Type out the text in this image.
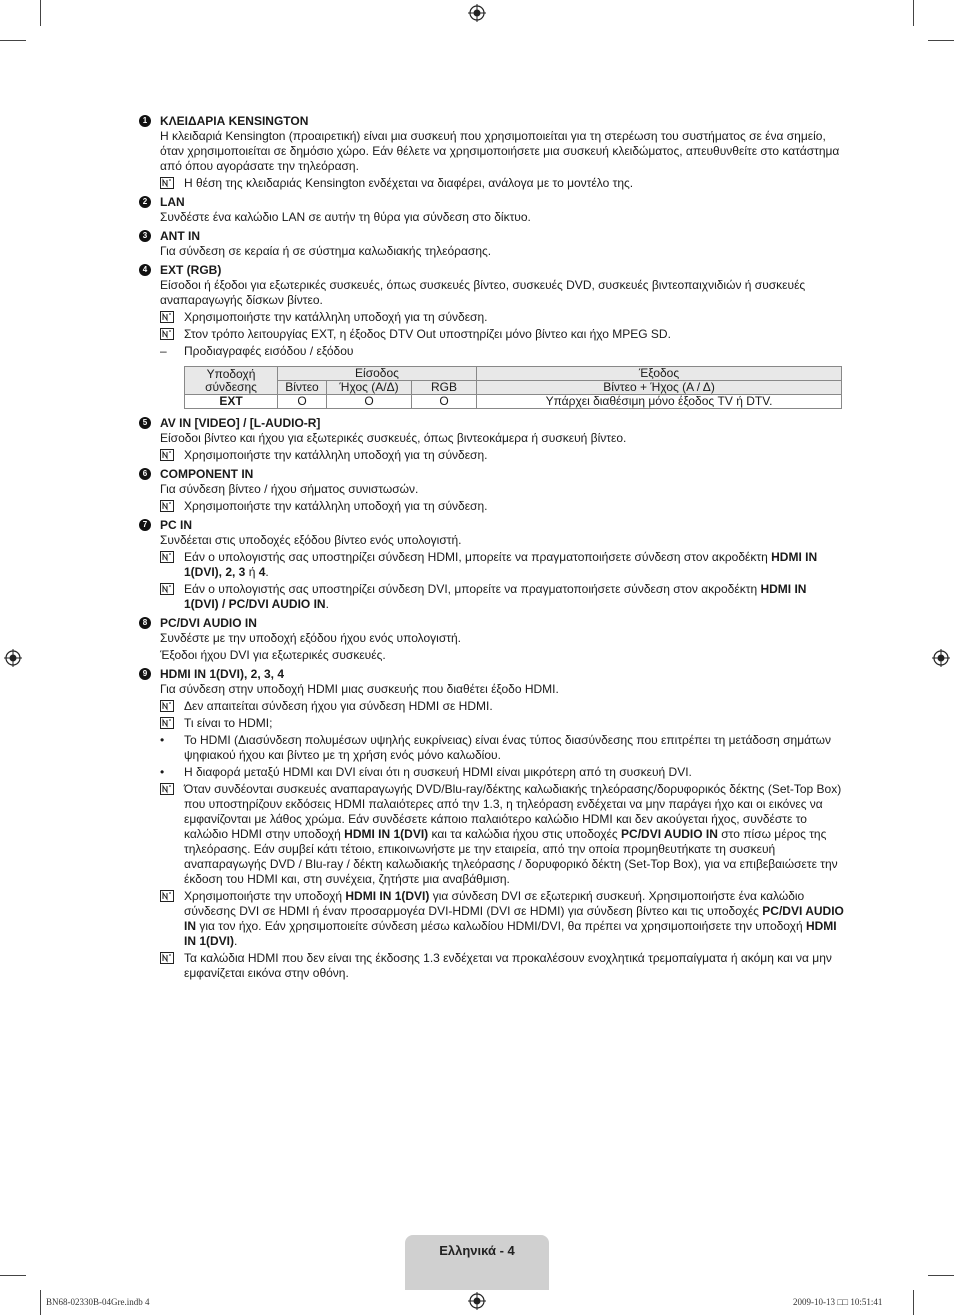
1	ΚΛΕΙΔΑΡΙΑ KENSINGTON
Η κλειδαριά Kensington (προαιρετική) είναι μια συσκευή που χρησιμοποιείται για τη στερέωση του συστήματος σε ένα σημείο, όταν χρησιμοποιείται σε δημόσιο χώρο. Εάν θέλετε να χρησιμοποιήσετε μια συσκευή κλειδώματος, απευθυνθείτε στο κατάστημα από όπου αγοράσατε την τηλεόραση.
Η θέση της κλειδαριάς Kensington ενδέχεται να διαφέρει, ανάλογα με το μοντέλο της.
2	LAN
Συνδέστε ένα καλώδιο LAN σε αυτήν τη θύρα για σύνδεση στο δίκτυο.
3	ANT IN
Για σύνδεση σε κεραία ή σε σύστημα καλωδιακής τηλεόρασης.
4	EXT (RGB)
Είσοδοι ή έξοδοι για εξωτερικές συσκευές, όπως συσκευές βίντεο, συσκευές DVD, συσκευές βιντεοπαιχνιδιών ή συσκευές αναπαραγωγής δίσκων βίντεο.
Χρησιμοποιήστε την κατάλληλη υποδοχή για τη σύνδεση.
Στον τρόπο λειτουργίας EXT, η έξοδος DTV Out υποστηρίζει μόνο βίντεο και ήχο MPEG SD.
–	Προδιαγραφές εισόδου / εξόδου
Υποδοχή
σύνδεσης	Είσοδος			Έξοδος
	Βίντεο	Ήχος (Α/Δ)	RGB	Βίντεο + Ήχος (Α / Δ)
EXT	O	O	O	Υπάρχει διαθέσιμη μόνο έξοδος TV ή DTV.
5	AV IN [VIDEO] / [L-AUDIO-R]
Είσοδοι βίντεο και ήχου για εξωτερικές συσκευές, όπως βιντεοκάμερα ή συσκευή βίντεο.
Χρησιμοποιήστε την κατάλληλη υποδοχή για τη σύνδεση.
6	COMPONENT IN
Για σύνδεση βίντεο / ήχου σήματος συνιστωσών.
Χρησιμοποιήστε την κατάλληλη υποδοχή για τη σύνδεση.
7	PC IN
Συνδέεται στις υποδοχές εξόδου βίντεο ενός υπολογιστή.
Εάν ο υπολογιστής σας υποστηρίζει σύνδεση HDMI, μπορείτε να πραγματοποιήσετε σύνδεση στον ακροδέκτη HDMI IN 1(DVI), 2, 3 ή 4.
Εάν ο υπολογιστής σας υποστηρίζει σύνδεση DVI, μπορείτε να πραγματοποιήσετε σύνδεση στον ακροδέκτη HDMI IN 1(DVI) / PC/DVI AUDIO IN.
8	PC/DVI AUDIO IN
Συνδέστε με την υποδοχή εξόδου ήχου ενός υπολογιστή.
Έξοδοι ήχου DVI για εξωτερικές συσκευές.
9	HDMI IN 1(DVI), 2, 3, 4
Για σύνδεση στην υποδοχή HDMI μιας συσκευής που διαθέτει έξοδο HDMI.
Δεν απαιτείται σύνδεση ήχου για σύνδεση HDMI σε HDMI.
Τι είναι το HDMI;
•	Το HDMI (Διασύνδεση πολυμέσων υψηλής ευκρίνειας) είναι ένας τύπος διασύνδεσης που επιτρέπει τη μετάδοση σημάτων ψηφιακού ήχου και βίντεο με τη χρήση ενός μόνο καλωδίου.
•	Η διαφορά μεταξύ HDMI και DVI είναι ότι η συσκευή HDMI είναι μικρότερη από τη συσκευή DVI.
Όταν συνδέονται συσκευές αναπαραγωγής DVD/Blu-ray/δέκτης καλωδιακής τηλεόρασης/δορυφορικός δέκτης (Set-Top Box) που υποστηρίζουν εκδόσεις HDMI παλαιότερες από την 1.3, η τηλεόραση ενδέχεται να μην παράγει ήχο και οι εικόνες να εμφανίζονται με λάθος χρώμα. Εάν συνδέσετε κάποιο παλαιότερο καλώδιο HDMI και δεν ακούγεται ήχος, συνδέστε το καλώδιο HDMI στην υποδοχή HDMI IN 1(DVI) και τα καλώδια ήχου στις υποδοχές PC/DVI AUDIO IN στο πίσω μέρος της τηλεόρασης. Εάν συμβεί κάτι τέτοιο, επικοινωνήστε με την εταιρεία, από την οποία προμηθευτήκατε τη συσκευή αναπαραγωγής DVD / Blu-ray / δέκτη καλωδιακής τηλεόρασης / δορυφορικό δέκτη (Set-Top Box), για να επιβεβαιώσετε την έκδοση του HDMI και, στη συνέχεια, ζητήστε μια αναβάθμιση.
Χρησιμοποιήστε την υποδοχή HDMI IN 1(DVI) για σύνδεση DVI σε εξωτερική συσκευή. Χρησιμοποιήστε ένα καλώδιο σύνδεσης DVI σε HDMI ή έναν προσαρμογέα DVI-HDMI (DVI σε HDMI) για σύνδεση βίντεο και τις υποδοχές PC/DVI AUDIO IN για τον ήχο. Εάν χρησιμοποιείτε σύνδεση μέσω καλωδίου HDMI/DVI, θα πρέπει να χρησιμοποιήσετε την υποδοχή HDMI IN 1(DVI).
Τα καλώδια HDMI που δεν είναι της έκδοσης 1.3 ενδέχεται να προκαλέσουν ενοχλητικά τρεμοπαίγματα ή ακόμη και να μην εμφανίζεται εικόνα στην οθόνη.
Ελληνικά - 4
BN68-02330B-04Gre.indb 4	2009-10-13 □□ 10:51:41
